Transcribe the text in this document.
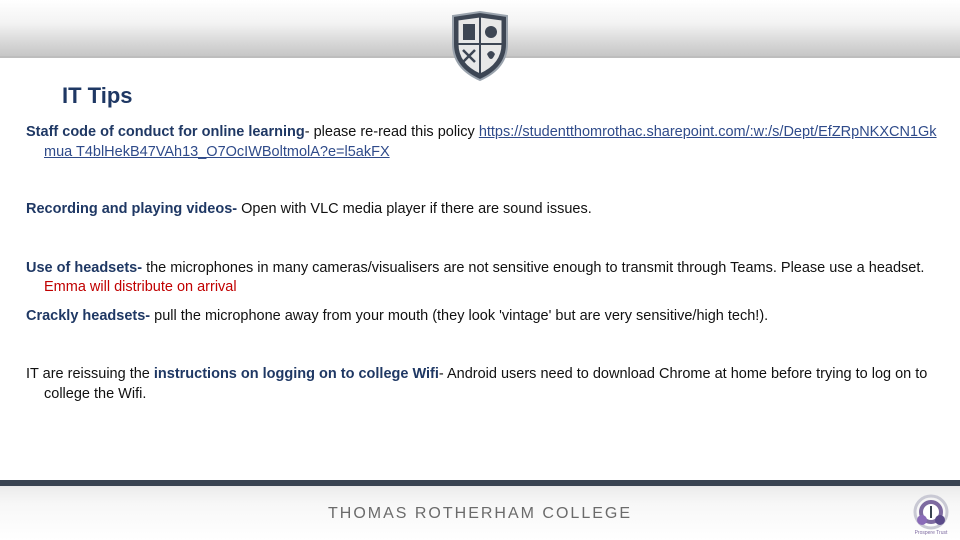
IT Tips

Staff code of conduct for online learning- please re-read this policy https://studentthomrothac.sharepoint.com/:w:/s/Dept/EfZRpNKXCN1Gkmua T4blHekB47VAh13_O7OcIWBoltmolA?e=l5akFX

Recording and playing videos- Open with VLC media player if there are sound issues.

Use of headsets- the microphones in many cameras/visualisers are not sensitive enough to transmit through Teams. Please use a headset. Emma will distribute on arrival

Crackly headsets- pull the microphone away from your mouth (they look 'vintage' but are very sensitive/high tech!).

IT are reissuing the instructions on logging on to college Wifi- Android users need to download Chrome at home before trying to log on to college the Wifi.

THOMAS ROTHERHAM COLLEGE
Prospere Trust
